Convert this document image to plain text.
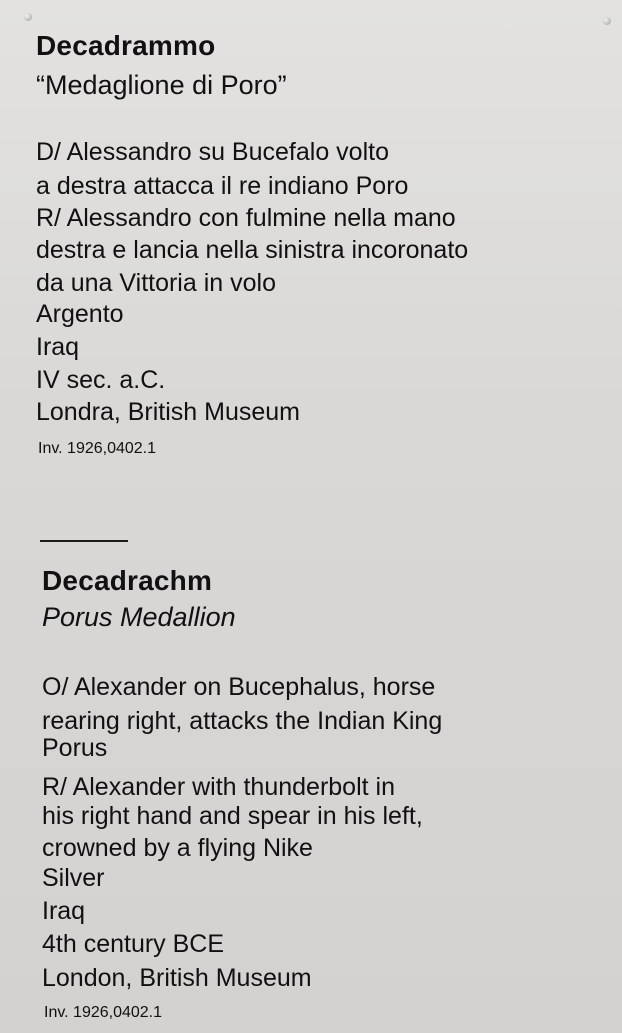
Decadrammo
“Medaglione di Poro”
D/ Alessandro su Bucefalo volto
a destra attacca il re indiano Poro
R/ Alessandro con fulmine nella mano
destra e lancia nella sinistra incoronato
da una Vittoria in volo
Argento
Iraq
IV sec. a.C.
Londra, British Museum
Inv. 1926,0402.1
Decadrachm
Porus Medallion
O/ Alexander on Bucephalus, horse
rearing right, attacks the Indian King
Porus
R/ Alexander with thunderbolt in
his right hand and spear in his left,
crowned by a flying Nike
Silver
Iraq
4th century BCE
London, British Museum
Inv. 1926,0402.1
